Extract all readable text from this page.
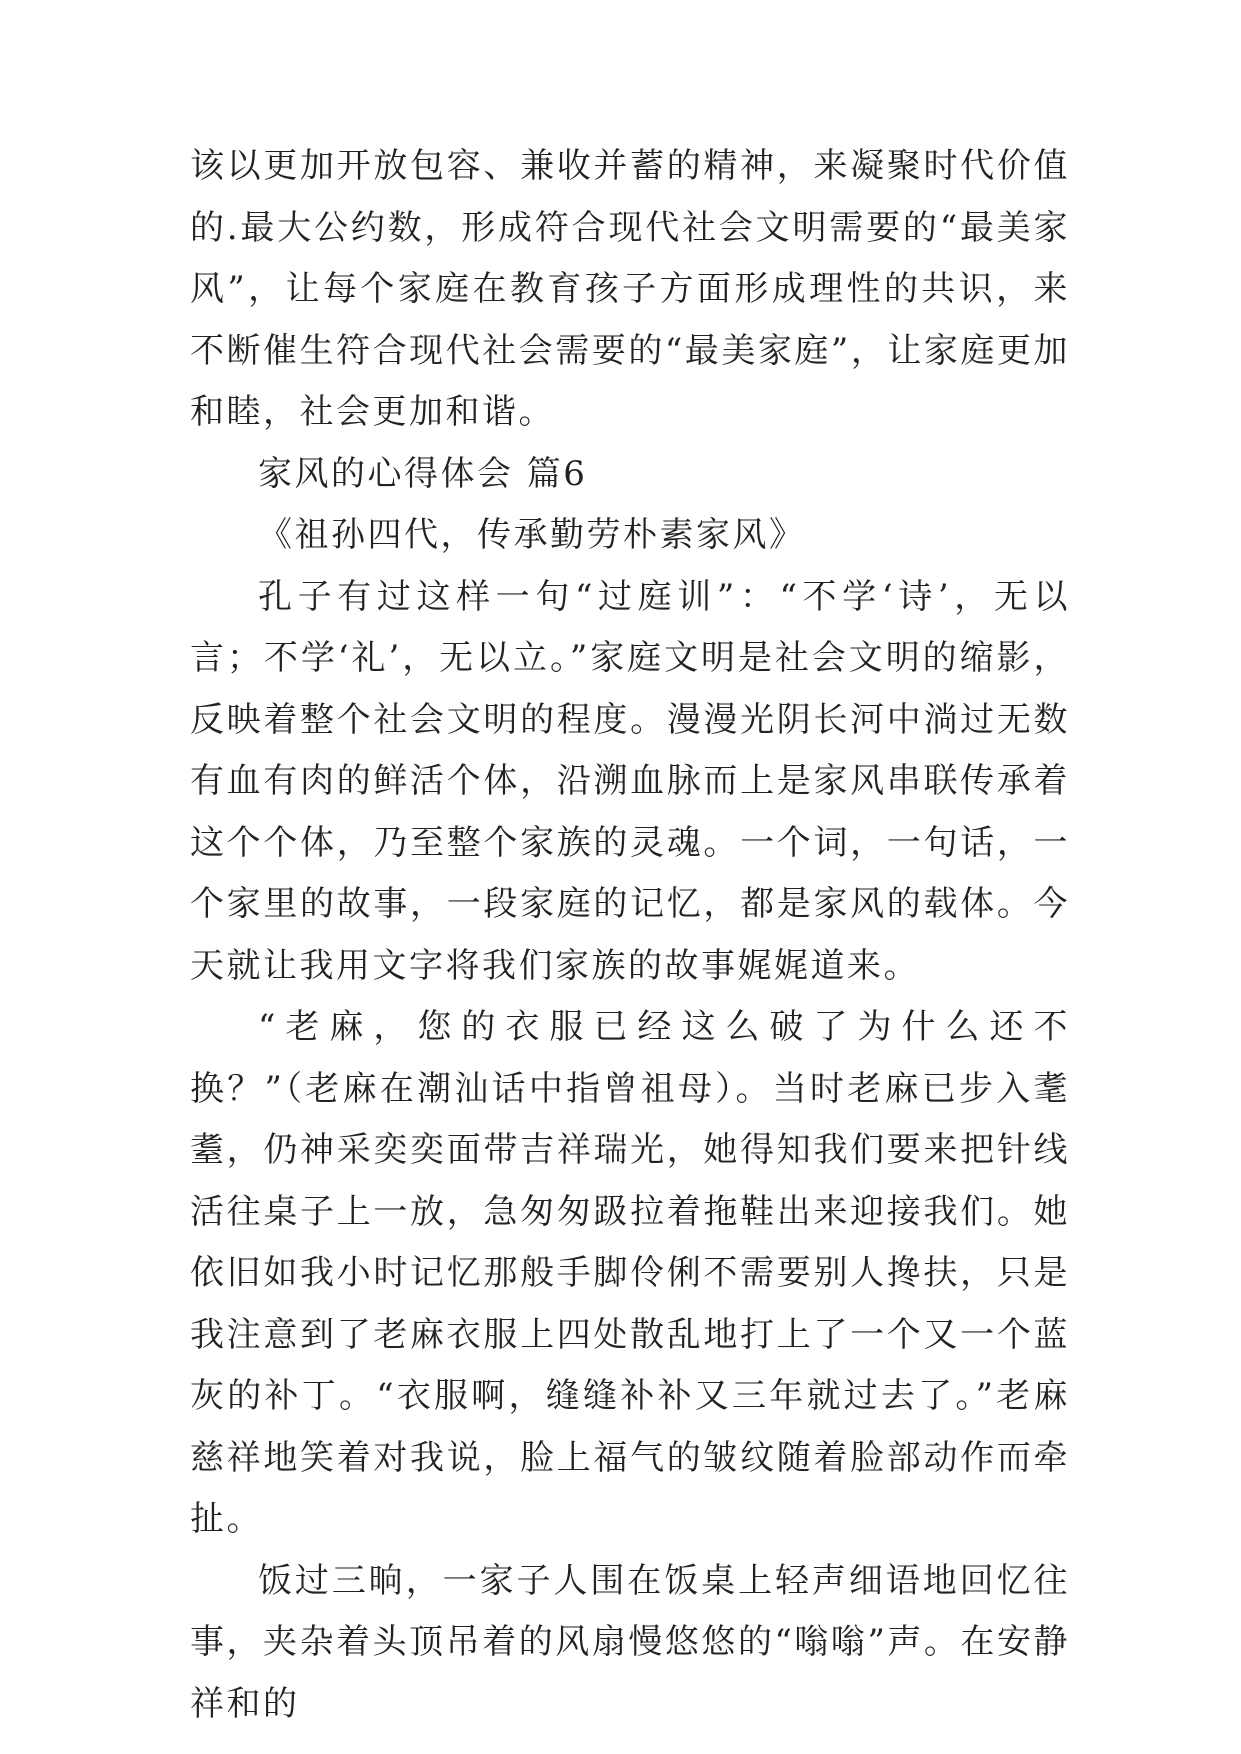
该以更加开放包容、兼收并蓄的精神，来凝聚时代价值的.最大公约数，形成符合现代社会文明需要的“最美家风”，让每个家庭在教育孩子方面形成理性的共识，来不断催生符合现代社会需要的“最美家庭”，让家庭更加和睦，社会更加和谐。

家风的心得体会 篇6

《祖孙四代，传承勤劳朴素家风》

孔子有过这样一句“过庭训”：“不学‘诗’，无以言；不学‘礼’，无以立。”家庭文明是社会文明的缩影，反映着整个社会文明的程度。漫漫光阴长河中淌过无数有血有肉的鲜活个体，沿溯血脉而上是家风串联传承着这个个体，乃至整个家族的灵魂。一个词，一句话，一个家里的故事，一段家庭的记忆，都是家风的载体。今天就让我用文字将我们家族的故事娓娓道来。

“老麻，您的衣服已经这么破了为什么还不换？”（老麻在潮汕话中指曾祖母）。当时老麻已步入耄耋，仍神采奕奕面带吉祥瑞光，她得知我们要来把针线活往桌子上一放，急匆匆趿拉着拖鞋出来迎接我们。她依旧如我小时记忆那般手脚伶俐不需要别人搀扶，只是我注意到了老麻衣服上四处散乱地打上了一个又一个蓝灰的补丁。“衣服啊，缝缝补补又三年就过去了。”老麻慈祥地笑着对我说，脸上福气的皱纹随着脸部动作而牵扯。

饭过三晌，一家子人围在饭桌上轻声细语地回忆往事，夹杂着头顶吊着的风扇慢悠悠的“嗡嗡”声。在安静祥和的
